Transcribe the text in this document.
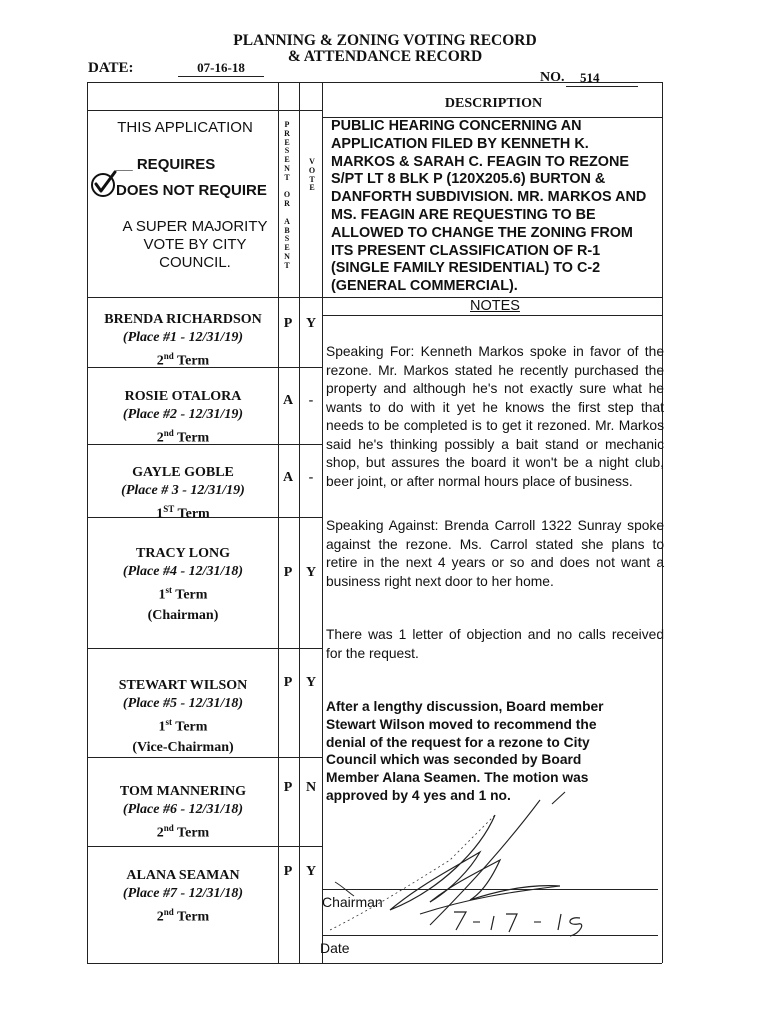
PLANNING & ZONING VOTING RECORD
& ATTENDANCE RECORD
DATE:	07-16-18
NO.	514
THIS APPLICATION
__ REQUIRES
DOES NOT REQUIRE
A SUPER MAJORITY
VOTE BY CITY
COUNCIL.
P
R
E
S
E
N
T

O
R

A
B
S
E
N
T
V
O
T
E
DESCRIPTION
PUBLIC HEARING CONCERNING AN
APPLICATION FILED BY KENNETH K.
MARKOS & SARAH C. FEAGIN TO REZONE
S/PT LT 8 BLK P (120X205.6) BURTON &
DANFORTH SUBDIVISION. MR. MARKOS AND
MS. FEAGIN ARE REQUESTING TO BE
ALLOWED TO CHANGE THE ZONING FROM
ITS PRESENT CLASSIFICATION OF R-1
(SINGLE FAMILY RESIDENTIAL) TO C-2
(GENERAL COMMERCIAL).
NOTES
Speaking For: Kenneth Markos spoke in favor of the rezone. Mr. Markos stated he recently purchased the property and although he's not exactly sure what he wants to do with it yet he knows the first step that needs to be completed is to get it rezoned. Mr. Markos said he's thinking possibly a bait stand or mechanic shop, but assures the board it won't be a night club, beer joint, or after normal hours place of business.
Speaking Against: Brenda Carroll 1322 Sunray spoke against the rezone. Ms. Carrol stated she plans to retire in the next 4 years or so and does not want a business right next door to her home.
There was 1 letter of objection and no calls received for the request.
After a lengthy discussion, Board member
Stewart Wilson moved to recommend the
denial of the request for a rezone to City
Council which was seconded by Board
Member Alana Seamen. The motion was
approved by 4 yes and 1 no.
BRENDA RICHARDSON
(Place #1 - 12/31/19)
2nd Term
P Y
ROSIE OTALORA
(Place #2 - 12/31/19)
2nd Term
A	-
GAYLE GOBLE
(Place # 3 - 12/31/19)
1ST Term
A	-
TRACY LONG
(Place #4 - 12/31/18)
1st Term
(Chairman)
P Y
STEWART WILSON
(Place #5 - 12/31/18)
1st Term
(Vice-Chairman)
P Y
TOM MANNERING
(Place #6 - 12/31/18)
2nd Term
P N
ALANA SEAMAN
(Place #7 - 12/31/18)
2nd Term
P Y
Chairman
Date
